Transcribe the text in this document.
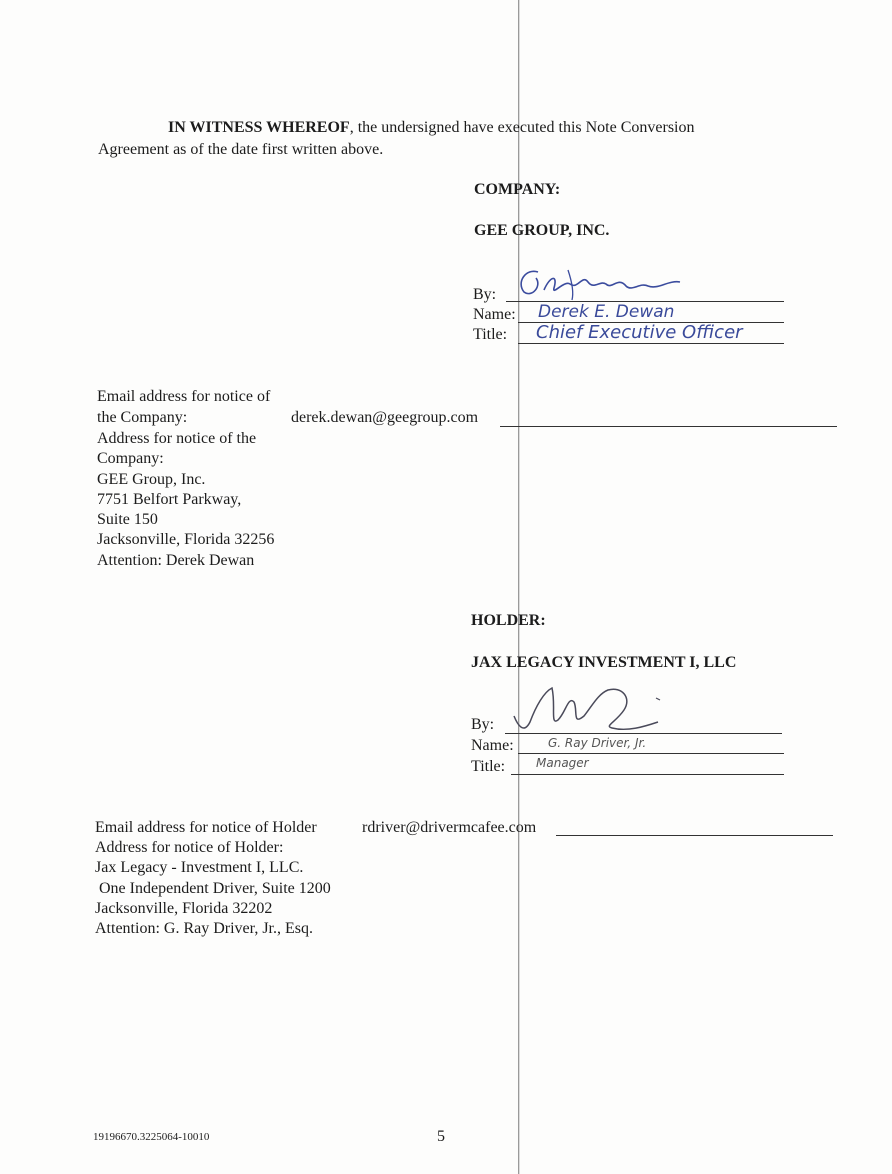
IN WITNESS WHEREOF, the undersigned have executed this Note Conversion
Agreement as of the date first written above.
COMPANY:
GEE GROUP, INC.
By:
Name: Derek E. Dewan
Title: Chief Executive Officer
Email address for notice of
the Company:	derek.dewan@geegroup.com
Address for notice of the
Company:
GEE Group, Inc.
7751 Belfort Parkway,
Suite 150
Jacksonville, Florida 32256
Attention: Derek Dewan
HOLDER:
JAX LEGACY INVESTMENT I, LLC
By:
Name:	G. Ray Driver, Jr.
Title:	Manager
Email address for notice of Holder	rdriver@drivermcafee.com
Address for notice of Holder:
Jax Legacy - Investment I, LLC.
One Independent Driver, Suite 1200
Jacksonville, Florida 32202
Attention: G. Ray Driver, Jr., Esq.
19196670.3225064-10010	5
